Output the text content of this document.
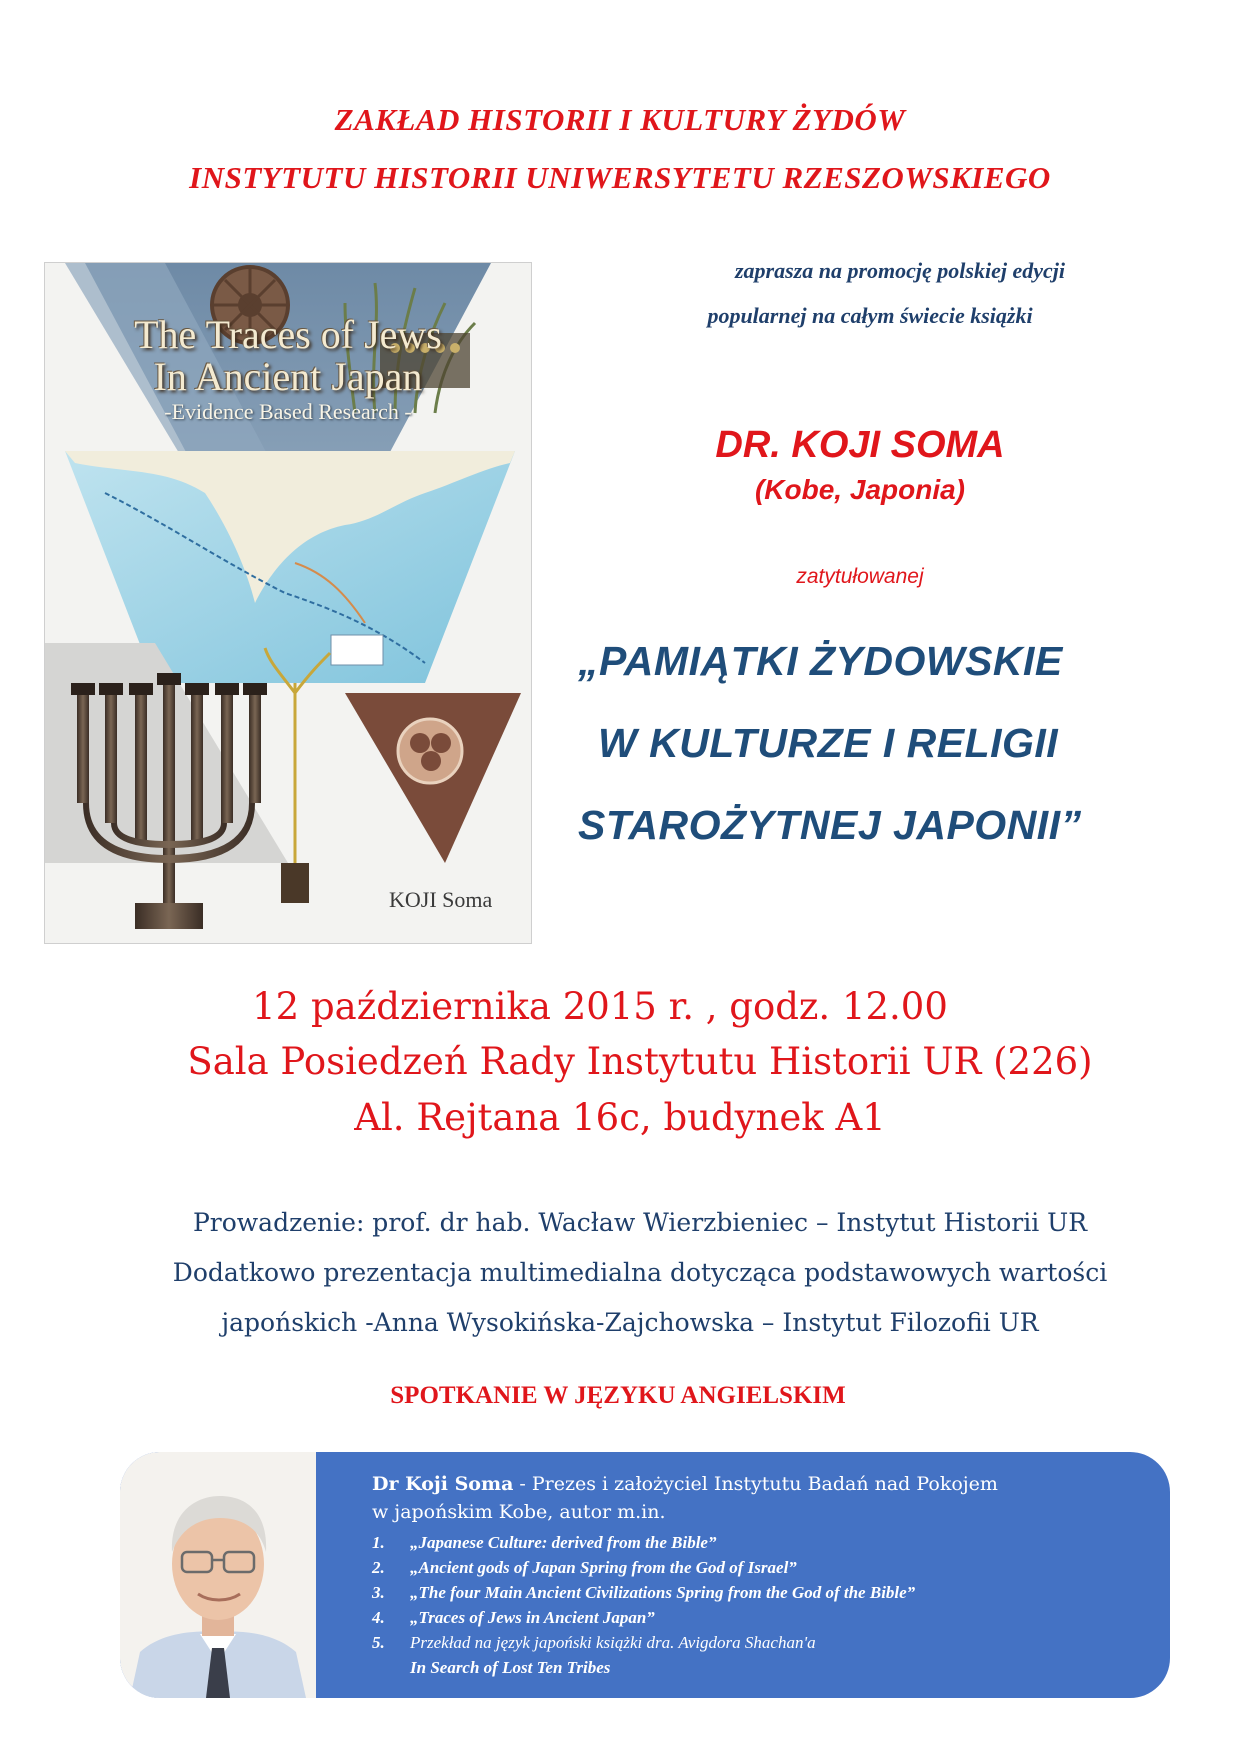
ZAKŁAD HISTORII I KULTURY ŻYDÓW
INSTYTUTU HISTORII UNIWERSYTETU RZESZOWSKIEGO
The Traces of Jews
In Ancient Japan
-Evidence Based Research -
KOJI Soma
zaprasza na promocję polskiej edycji
popularnej na całym świecie książki
DR. KOJI SOMA
(Kobe, Japonia)
zatytułowanej
„PAMIĄTKI ŻYDOWSKIE
W KULTURZE I RELIGII
STAROŻYTNEJ JAPONII”
12 października 2015 r. , godz. 12.00
Sala Posiedzeń Rady Instytutu Historii UR (226)
Al. Rejtana 16c, budynek A1
Prowadzenie: prof. dr hab. Wacław Wierzbieniec – Instytut Historii UR
Dodatkowo prezentacja multimedialna dotycząca podstawowych wartości
japońskich -Anna Wysokińska-Zajchowska – Instytut Filozofii UR
SPOTKANIE W JĘZYKU ANGIELSKIM

Dr Koji Soma - Prezes i założyciel Instytutu Badań nad Pokojem

w japońskim Kobe, autor m.in.

1. „Japanese Culture: derived from the Bible”
2. „Ancient gods of Japan Spring from the God of Israel”
3. „The four Main Ancient Civilizations Spring from the God of the Bible”
4. „Traces of Jews in Ancient Japan”
5. Przekład na język japoński książki dra. Avigdora Shachan'a
In Search of Lost Ten Tribes
